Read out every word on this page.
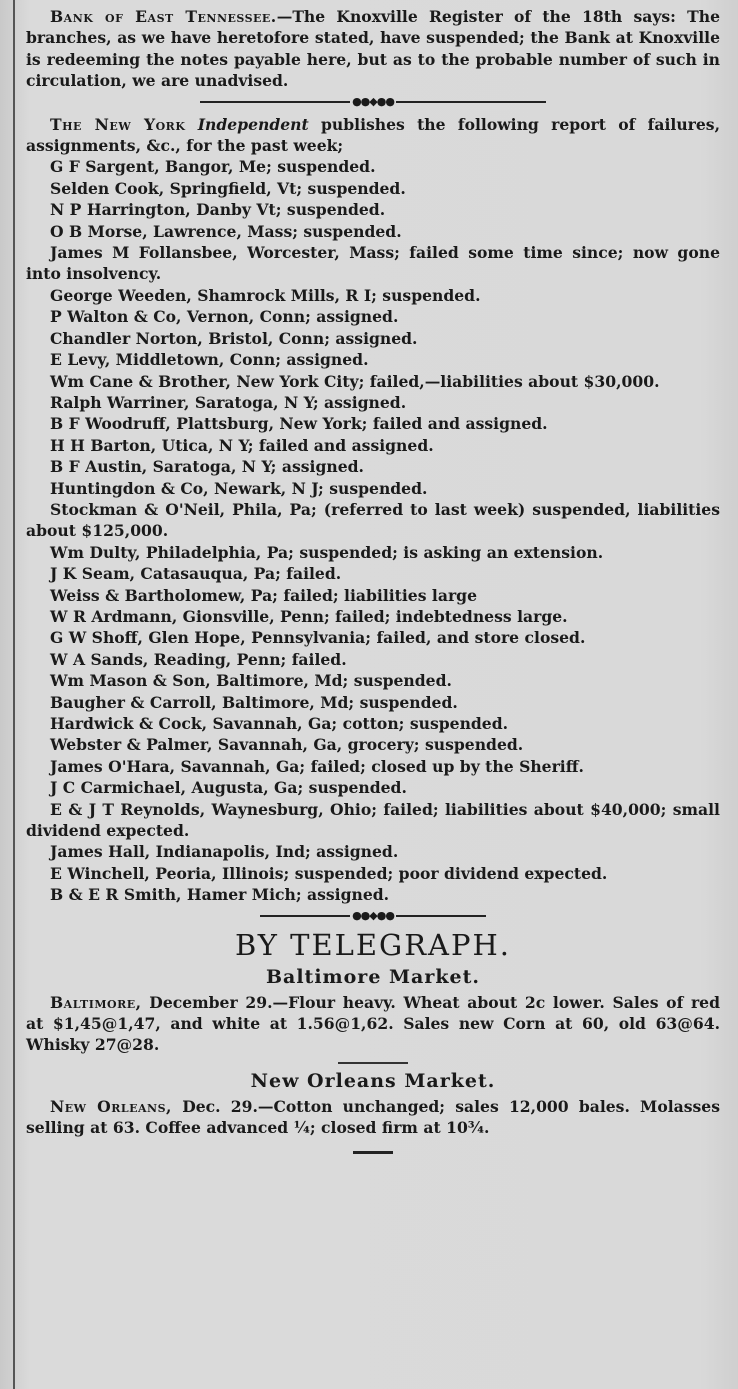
Bank of East Tennessee.—The Knoxville Register of the 18th says: The branches, as we have heretofore stated, have suspended; the Bank at Knoxville is redeeming the notes payable here, but as to the probable number of such in circulation, we are unadvised.

●●◆●●

The New York Independent publishes the following report of failures, assignments, &c., for the past week;

G F Sargent, Bangor, Me; suspended.

Selden Cook, Springfield, Vt; suspended.

N P Harrington, Danby Vt; suspended.

O B Morse, Lawrence, Mass; suspended.

James M Follansbee, Worcester, Mass; failed some time since; now gone into insolvency.

George Weeden, Shamrock Mills, R I; suspended.

P Walton & Co, Vernon, Conn; assigned.

Chandler Norton, Bristol, Conn; assigned.

E Levy, Middletown, Conn; assigned.

Wm Cane & Brother, New York City; failed,—liabilities about $30,000.

Ralph Warriner, Saratoga, N Y; assigned.

B F Woodruff, Plattsburg, New York; failed and assigned.

H H Barton, Utica, N Y; failed and assigned.

B F Austin, Saratoga, N Y; assigned.

Huntingdon & Co, Newark, N J; suspended.

Stockman & O'Neil, Phila, Pa; (referred to last week) suspended, liabilities about $125,000.

Wm Dulty, Philadelphia, Pa; suspended; is asking an extension.

J K Seam, Catasauqua, Pa; failed.

Weiss & Bartholomew, Pa; failed; liabilities large

W R Ardmann, Gionsville, Penn; failed; indebtedness large.

G W Shoff, Glen Hope, Pennsylvania; failed, and store closed.

W A Sands, Reading, Penn; failed.

Wm Mason & Son, Baltimore, Md; suspended.

Baugher & Carroll, Baltimore, Md; suspended.

Hardwick & Cock, Savannah, Ga; cotton; suspended.

Webster & Palmer, Savannah, Ga, grocery; suspended.

James O'Hara, Savannah, Ga; failed; closed up by the Sheriff.

J C Carmichael, Augusta, Ga; suspended.

E & J T Reynolds, Waynesburg, Ohio; failed; liabilities about $40,000; small dividend expected.

James Hall, Indianapolis, Ind; assigned.

E Winchell, Peoria, Illinois; suspended; poor dividend expected.

B & E R Smith, Hamer Mich; assigned.

●●◆●●
BY TELEGRAPH.
Baltimore Market.

Baltimore, December 29.—Flour heavy. Wheat about 2c lower. Sales of red at $1,45@1,47, and white at 1.56@1,62. Sales new Corn at 60, old 63@64. Whisky 27@28.

New Orleans Market.

New Orleans, Dec. 29.—Cotton unchanged; sales 12,000 bales. Molasses selling at 63. Coffee advanced ¼; closed firm at 10¾.
